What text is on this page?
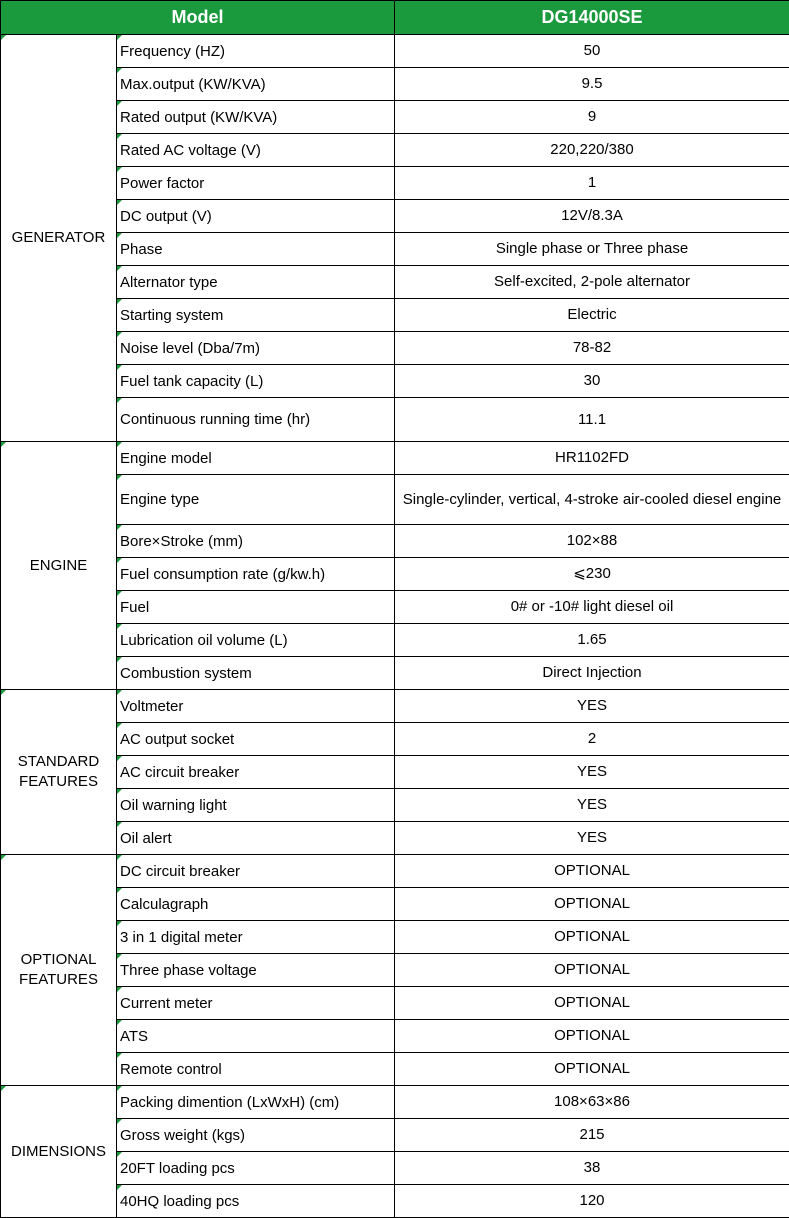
Model		DG14000SE
GENERATOR	Frequency (HZ)	50
	Max.output (KW/KVA)	9.5
	Rated output (KW/KVA)	9
	Rated AC voltage (V)	220,220/380
	Power factor	1
	DC output (V)	12V/8.3A
	Phase	Single phase or Three phase
	Alternator type	Self-excited, 2-pole alternator
	Starting system	Electric
	Noise level (Dba/7m)	78-82
	Fuel tank capacity (L)	30
	Continuous running time (hr)	11.1
ENGINE	Engine model	HR1102FD
	Engine type	Single-cylinder, vertical, 4-stroke air-cooled diesel engine
	Bore×Stroke (mm)	102×88
	Fuel consumption rate (g/kw.h)	⩽230
	Fuel	0# or -10# light diesel oil
	Lubrication oil volume (L)	1.65
	Combustion system	Direct Injection
STANDARD FEATURES	Voltmeter	YES
	AC output socket	2
	AC circuit breaker	YES
	Oil warning light	YES
	Oil alert	YES
OPTIONAL FEATURES	DC circuit breaker	OPTIONAL
	Calculagraph	OPTIONAL
	3 in 1 digital meter	OPTIONAL
	Three phase voltage	OPTIONAL
	Current meter	OPTIONAL
	ATS	OPTIONAL
	Remote control	OPTIONAL
DIMENSIONS	Packing dimention (LxWxH) (cm)	108×63×86
	Gross weight (kgs)	215
	20FT loading pcs	38
	40HQ loading pcs	120
